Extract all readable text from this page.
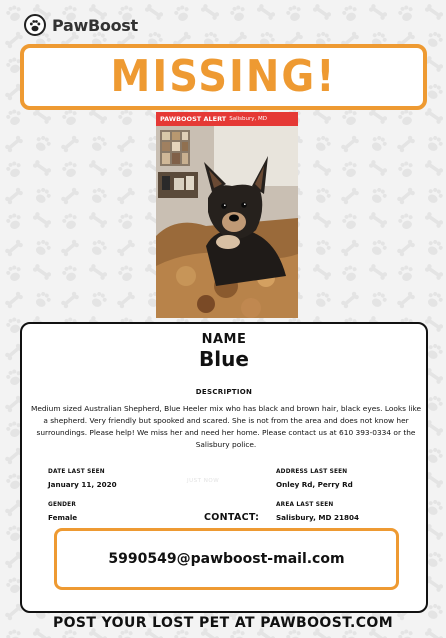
PawBoost
MISSING!
PAWBOOST ALERT Salisbury, MD
NAME
Blue
DESCRIPTION
Medium sized Australian Shepherd, Blue Heeler mix who has black and brown hair, black eyes. Looks like a shepherd. Very friendly but spooked and scared. She is not from the area and does not know her surroundings. Please help! We miss her and need her home. Please contact us at 610 393-0334 or the Salisbury police.
DATE LAST SEEN
January 11, 2020	JUST NOW
ADDRESS LAST SEEN
Onley Rd, Perry Rd
GENDER
Female
AREA LAST SEEN
Salisbury, MD 21804
CONTACT:
5990549@pawboost-mail.com
POST YOUR LOST PET AT PAWBOOST.COM
